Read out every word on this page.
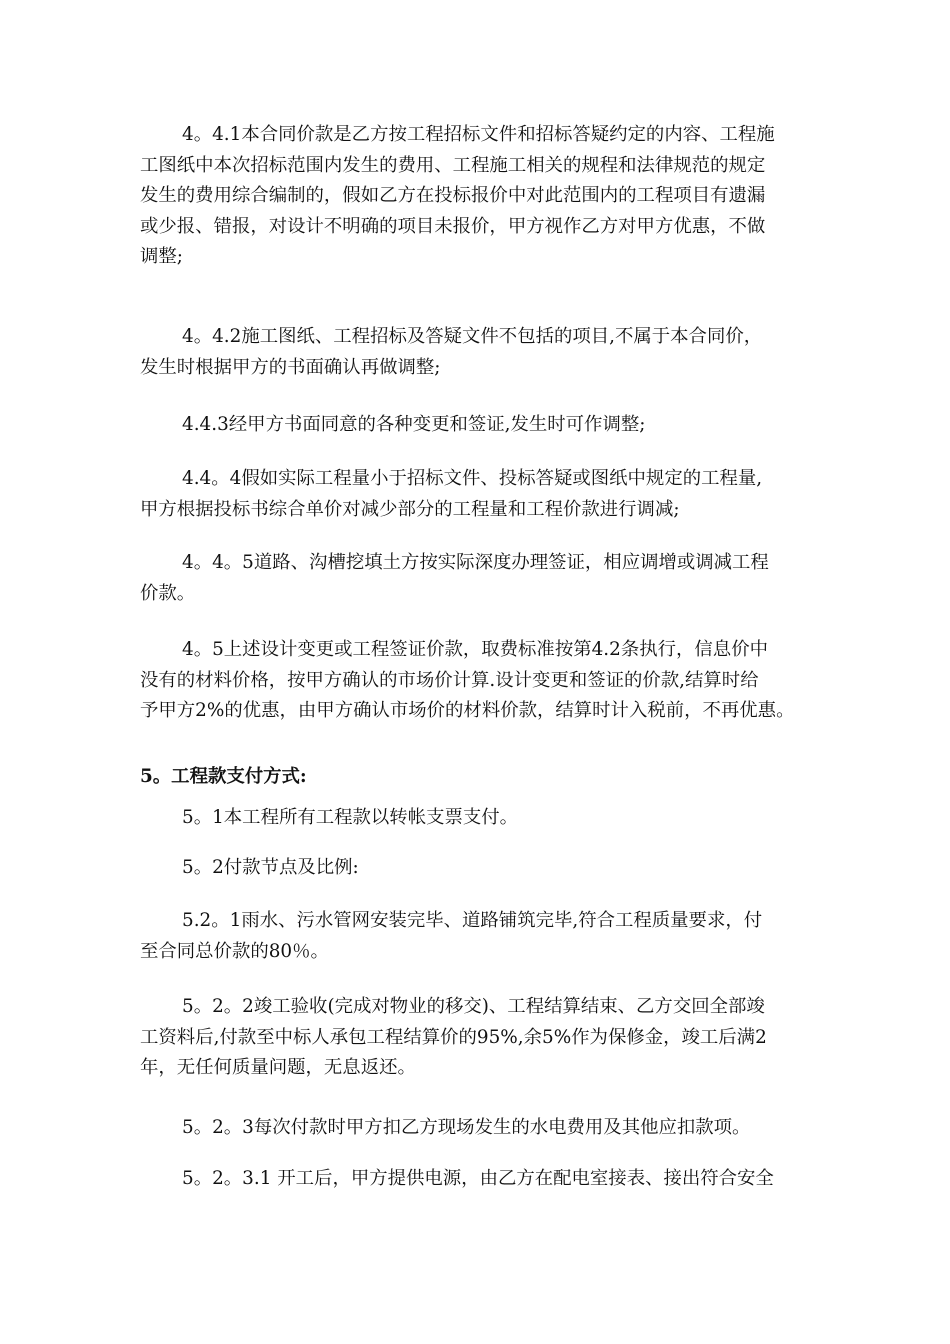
4。4.1本合同价款是乙方按工程招标文件和招标答疑约定的内容、工程施
工图纸中本次招标范围内发生的费用、工程施工相关的规程和法律规范的规定
发生的费用综合编制的，假如乙方在投标报价中对此范围内的工程项目有遗漏
或少报、错报，对设计不明确的项目未报价，甲方视作乙方对甲方优惠，不做
调整;

4。4.2施工图纸、工程招标及答疑文件不包括的项目,不属于本合同价，
发生时根据甲方的书面确认再做调整;

4.4.3经甲方书面同意的各种变更和签证,发生时可作调整;

4.4。4假如实际工程量小于招标文件、投标答疑或图纸中规定的工程量,
甲方根据投标书综合单价对减少部分的工程量和工程价款进行调减;

4。4。5道路、沟槽挖填土方按实际深度办理签证，相应调增或调减工程
价款。

4。5上述设计变更或工程签证价款，取费标准按第4.2条执行，信息价中
没有的材料价格，按甲方确认的市场价计算.设计变更和签证的价款,结算时给
予甲方2%的优惠，由甲方确认市场价的材料价款，结算时计入税前，不再优惠。

5。工程款支付方式:

5。1本工程所有工程款以转帐支票支付。

5。2付款节点及比例:

5.2。1雨水、污水管网安装完毕、道路铺筑完毕,符合工程质量要求，付
至合同总价款的80％。

5。2。2竣工验收(完成对物业的移交)、工程结算结束、乙方交回全部竣
工资料后,付款至中标人承包工程结算价的95%,余5%作为保修金，竣工后满2
年，无任何质量问题，无息返还。

5。2。3每次付款时甲方扣乙方现场发生的水电费用及其他应扣款项。

5。2。3.1 开工后，甲方提供电源，由乙方在配电室接表、接出符合安全
